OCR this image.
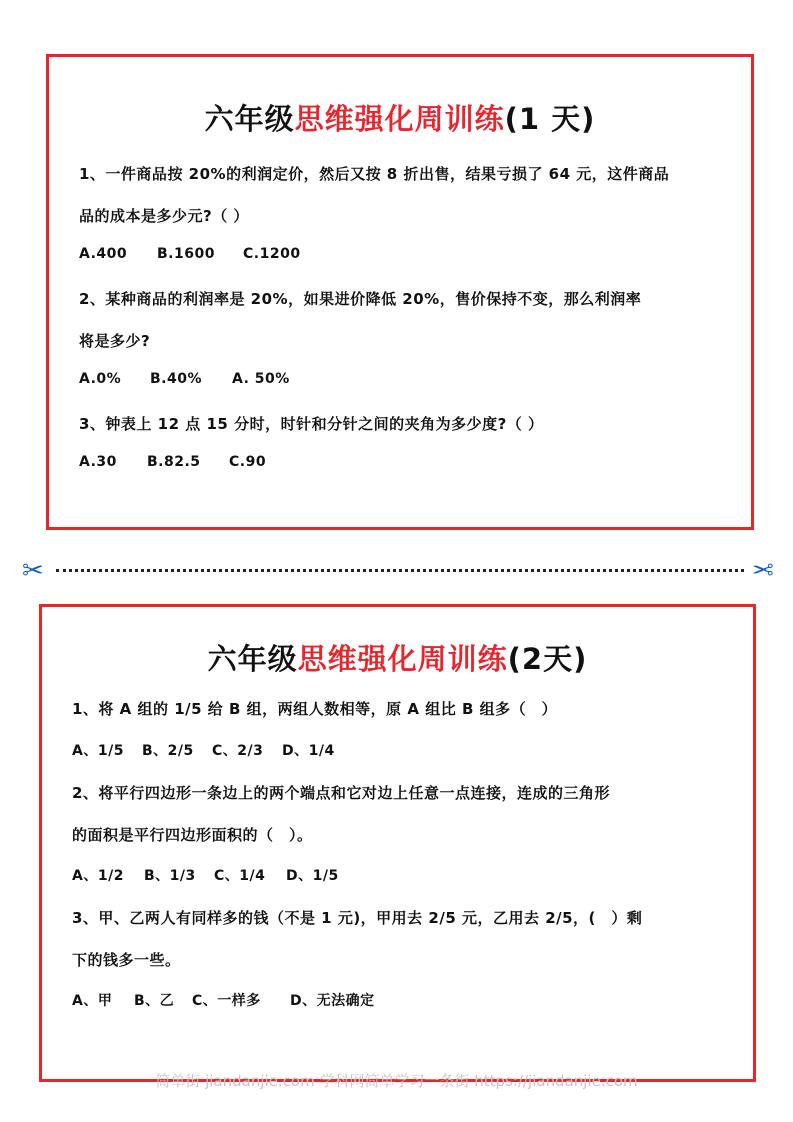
六年级思维强化周训练(1 天)
1、一件商品按 20%的利润定价，然后又按 8 折出售，结果亏损了 64 元，这件商品
品的成本是多少元?（ ）
A.400 B.1600 C.1200
2、某种商品的利润率是 20%，如果进价降低 20%，售价保持不变，那么利润率
将是多少?
A.0% B.40% A. 50%
3、钟表上 12 点 15 分时，时针和分针之间的夹角为多少度?（ ）
A.30 B.82.5 C.90
✂	✂
六年级思维强化周训练(2天)
1、将 A 组的 1/5 给 B 组，两组人数相等，原 A 组比 B 组多（　）
A、1/5 B、2/5 C、2/3 D、1/4
2、将平行四边形一条边上的两个端点和它对边上任意一点连接，连成的三角形
的面积是平行四边形面积的（　）。
A、1/2 B、1/3 C、1/4 D、1/5
3、甲、乙两人有同样多的钱（不是 1 元)，甲用去 2/5 元，乙用去 2/5，(　）剩
下的钱多一些。
A、甲 B、乙 C、一样多 D、无法确定
简单街 jiandanjie.com 学科网简单学习一条街 https://jiandanjie.com
